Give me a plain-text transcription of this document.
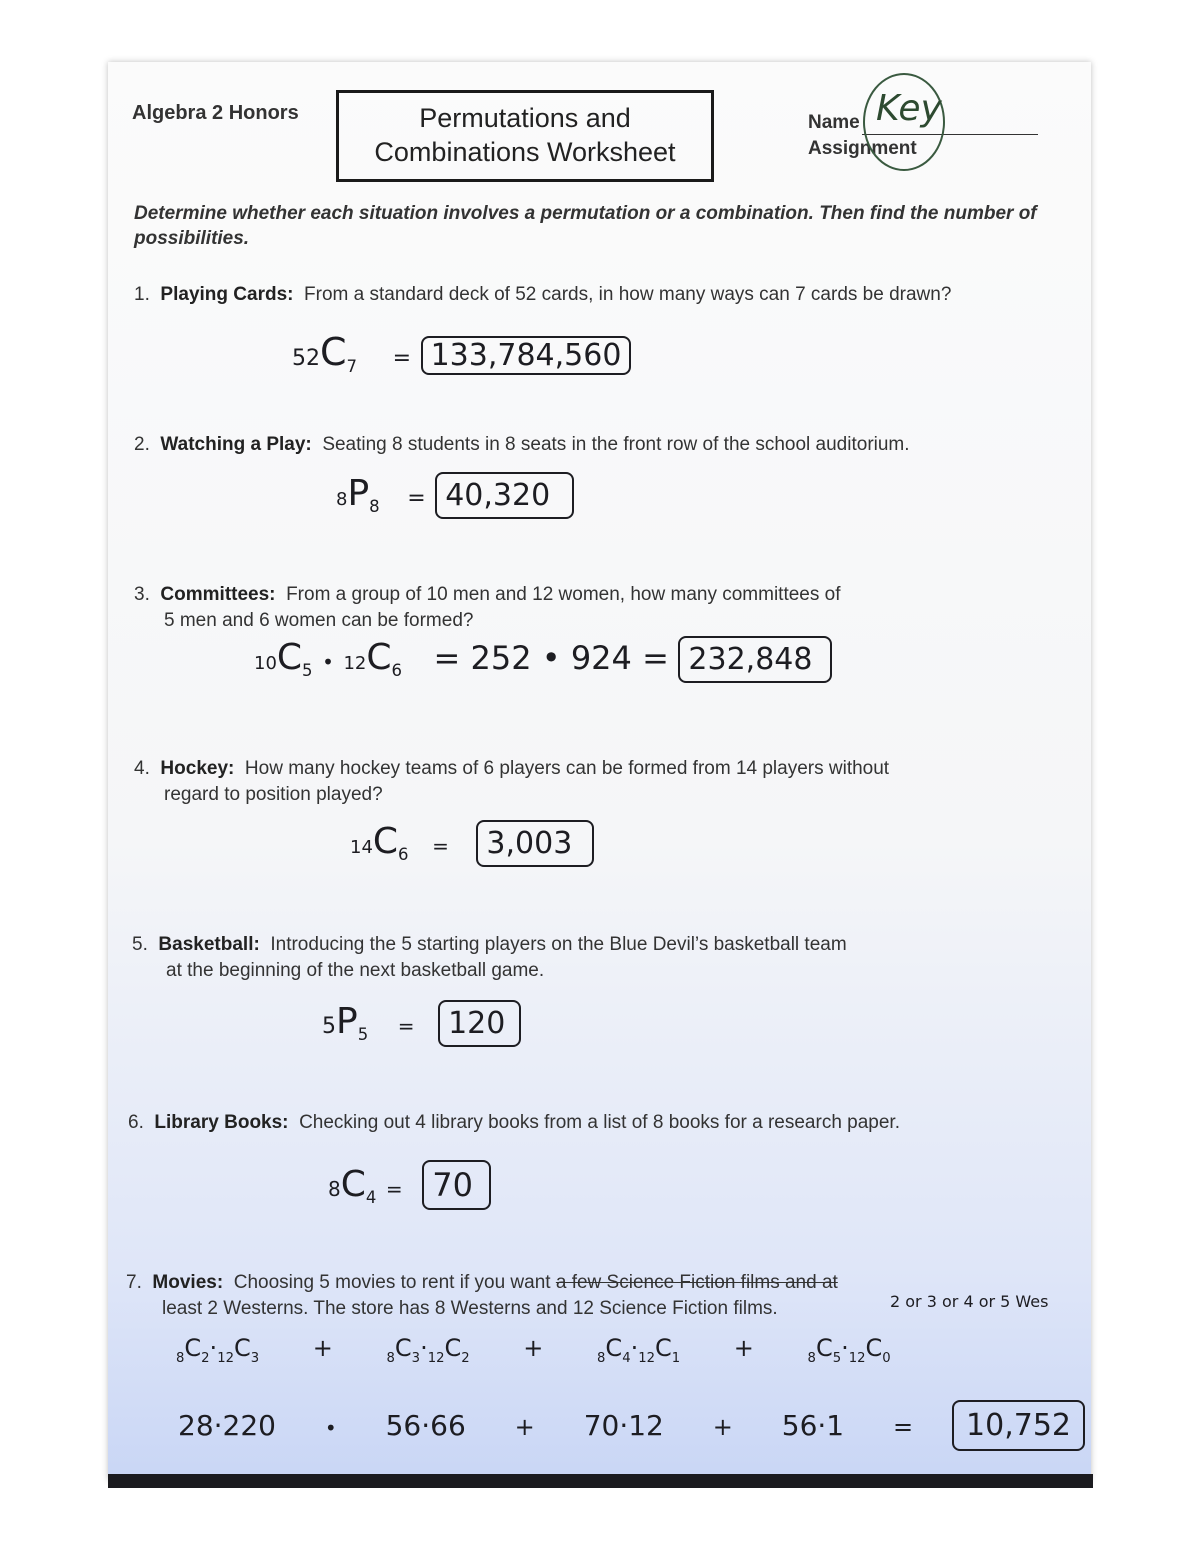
Algebra 2 Honors	Permutations and
Combinations Worksheet
Name
Assignment
Key
Determine whether each situation involves a permutation or a combination. Then find the number of possibilities.
1. Playing Cards: From a standard deck of 52 cards, in how many ways can 7 cards be drawn?
$52C_7 = 133,784,560$
2. Watching a Play: Seating 8 students in 8 seats in the front row of the school auditorium.
$8P_8 = 40,320$
3. Committees: From a group of 10 men and 12 women, how many committees of
5 men and 6 women can be formed?
$10C_5$ • $12C_6 = 252$ • 924 = 232,848
4. Hockey: How many hockey teams of 6 players can be formed from 14 players without
regard to position played?
$14C_6 = 3,003$
5. Basketball: Introducing the 5 starting players on the Blue Devil’s basketball team
at the beginning of the next basketball game.
$5P_5 = 120$
6. Library Books: Checking out 4 library books from a list of 8 books for a research paper.
$8C_4 = 70$
7. Movies: Choosing 5 movies to rent if you want a few Science Fiction films and at
least 2 Westerns. The store has 8 Westerns and 12 Science Fiction films.	2 or 3 or 4 or 5 Wes
$_8C_2\cdot_{12}C_3$ +	$_8C_3\cdot_{12}C_2$ +	$_8C_4\cdot_{12}C_1$ +	$_8C_5\cdot_{12}C_0$
28·220 • 56·66 + 70·12 + 56·1 = 10,752
